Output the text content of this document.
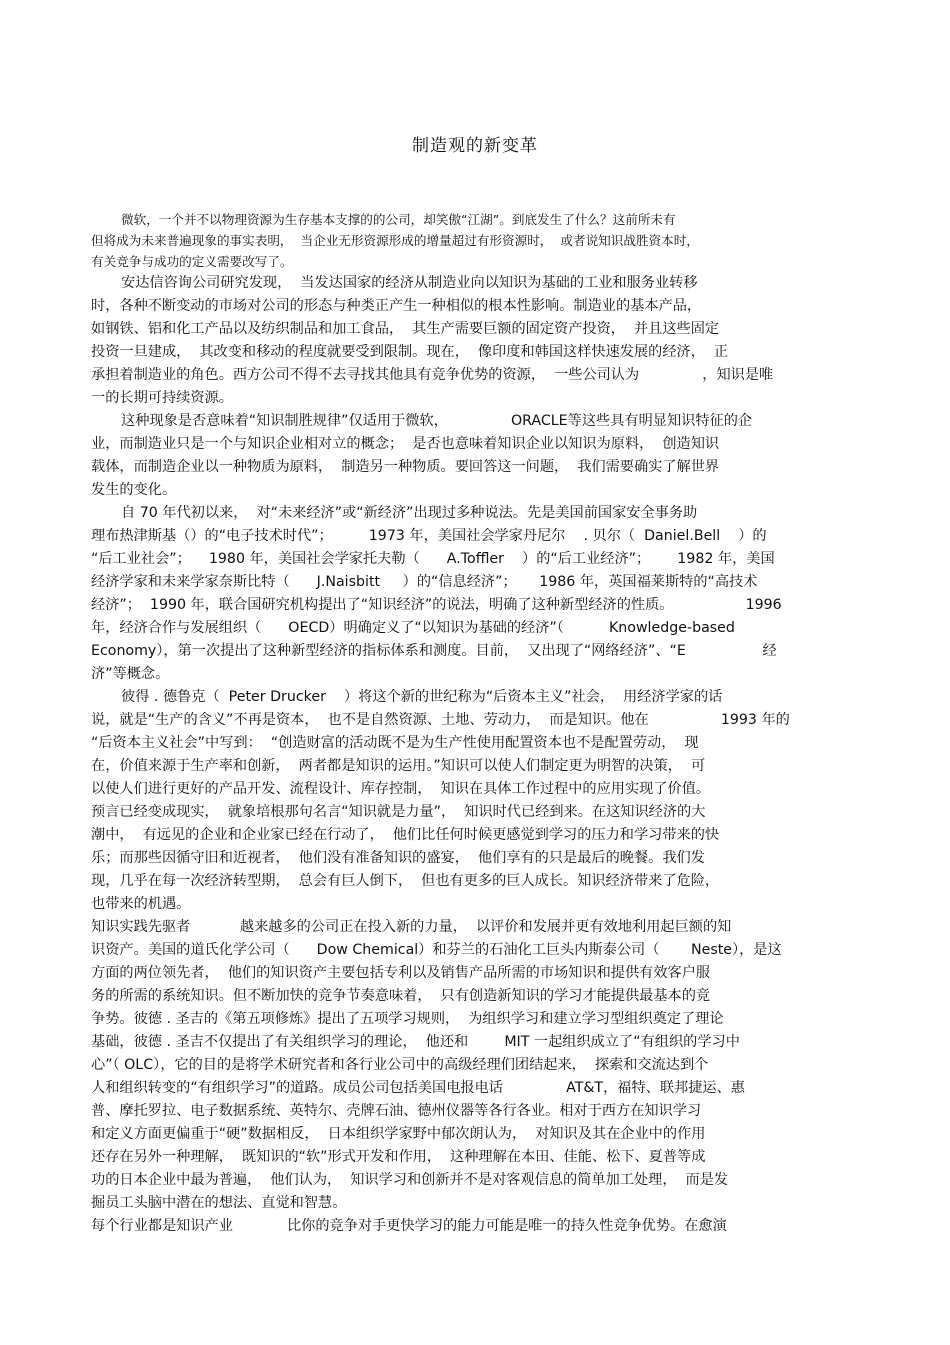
制造观的新变革
微软，一个并不以物理资源为生存基本支撑的的公司，却笑傲“江湖”。到底发生了什么？这前所未有
但将成为未来普遍现象的事实表明，  当企业无形资源形成的增量超过有形资源时，  或者说知识战胜资本时，
有关竞争与成功的定义需要改写了。
安达信咨询公司研究发现，  当发达国家的经济从制造业向以知识为基础的工业和服务业转移
时，各种不断变动的市场对公司的形态与种类正产生一种相似的根本性影响。制造业的基本产品，
如钢铁、铝和化工产品以及纺织制品和加工食品，  其生产需要巨额的固定资产投资，  并且这些固定
投资一旦建成，  其改变和移动的程度就要受到限制。现在，  像印度和韩国这样快速发展的经济，  正
承担着制造业的角色。西方公司不得不去寻找其他具有竞争优势的资源，  一些公司认为              ，知识是唯
一的长期可持续资源。
这种现象是否意味着“知识制胜规律”仅适用于微软，              ORACLE等这些具有明显知识特征的企
业，而制造业只是一个与知识企业相对立的概念；  是否也意味着知识企业以知识为原料，  创造知识
载体，而制造企业以一种物质为原料，  制造另一种物质。要回答这一问题，  我们需要确实了解世界
发生的变化。
自 70 年代初以来，  对“未来经济”或“新经济”出现过多种说法。先是美国前国家安全事务助
理布热津斯基（）的“电子技术时代”；        1973 年，美国社会学家丹尼尔    . 贝尔（  Daniel.Bell    ）的
“后工业社会”；    1980 年，美国社会学家托夫勒（      A.Toffler    ）的“后工业经济”；      1982 年，美国
经济学家和未来学家奈斯比特（      J.Naisbitt     ）的“信息经济”；     1986 年，英国福莱斯特的“高技术
经济”；  1990 年，联合国研究机构提出了“知识经济”的说法，明确了这种新型经济的性质。                1996
年，经济合作与发展组织（      OECD）明确定义了“以知识为基础的经济”（          Knowledge-based
Economy），第一次提出了这种新型经济的指标体系和测度。目前，  又出现了“网络经济”、“E                 经
济”等概念。
彼得 . 德鲁克（  Peter Drucker    ）将这个新的世纪称为“后资本主义”社会，  用经济学家的话
说，就是“生产的含义”不再是资本，  也不是自然资源、土地、劳动力，  而是知识。他在                1993 年的
“后资本主义社会”中写到：  “创造财富的活动既不是为生产性使用配置资本也不是配置劳动，  现
在，价值来源于生产率和创新，  两者都是知识的运用。”知识可以使人们制定更为明智的决策，  可
以使人们进行更好的产品开发、流程设计、库存控制，  知识在具体工作过程中的应用实现了价值。
预言已经变成现实，  就象培根那句名言“知识就是力量”，  知识时代已经到来。在这知识经济的大
潮中，  有远见的企业和企业家已经在行动了，  他们比任何时候更感觉到学习的压力和学习带来的快
乐；而那些因循守旧和近视者，  他们没有准备知识的盛宴，  他们享有的只是最后的晚餐。我们发
现，几乎在每一次经济转型期，  总会有巨人倒下，  但也有更多的巨人成长。知识经济带来了危险，
也带来的机遇。
知识实践先驱者           越来越多的公司正在投入新的力量，  以评价和发展并更有效地利用起巨额的知
识资产。美国的道氏化学公司（      Dow Chemical）和芬兰的石油化工巨头内斯泰公司（       Neste），是这
方面的两位领先者，  他们的知识资产主要包括专利以及销售产品所需的市场知识和提供有效客户服
务的所需的系统知识。但不断加快的竞争节奏意味着，  只有创造新知识的学习才能提供最基本的竞
争势。彼德 . 圣吉的《第五项修炼》提出了五项学习规则，  为组织学习和建立学习型组织奠定了理论
基础，彼德 . 圣吉不仅提出了有关组织学习的理论，  他还和        MIT 一起组织成立了“有组织的学习中
心”（ OLC），它的目的是将学术研究者和各行业公司中的高级经理们团结起来，  探索和交流达到个
人和组织转变的“有组织学习”的道路。成员公司包括美国电报电话              AT&T，福特、联邦捷运、惠
普、摩托罗拉、电子数据系统、英特尔、壳牌石油、德州仪器等各行各业。相对于西方在知识学习
和定义方面更偏重于“硬”数据相反，  日本组织学家野中郁次朗认为，  对知识及其在企业中的作用
还存在另外一种理解，  既知识的“软”形式开发和作用，  这种理解在本田、佳能、松下、夏普等成
功的日本企业中最为普遍，  他们认为，  知识学习和创新并不是对客观信息的简单加工处理，  而是发
掘员工头脑中潜在的想法、直觉和智慧。
每个行业都是知识产业            比你的竞争对手更快学习的能力可能是唯一的持久性竞争优势。在愈演
